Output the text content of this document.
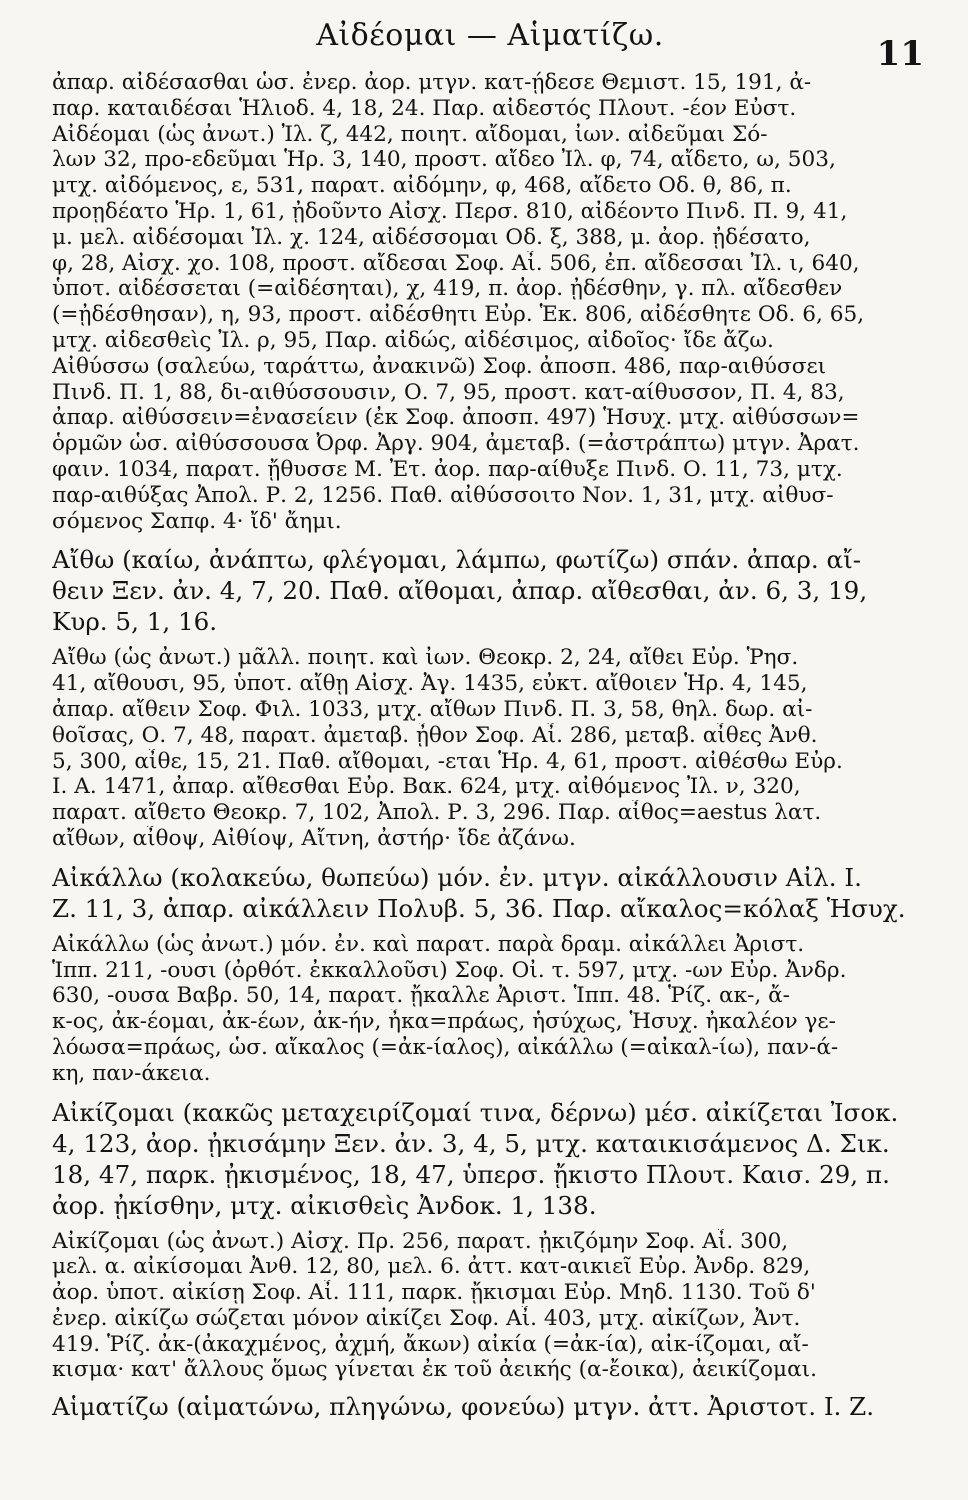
Αἰδέομαι — Αἱματίζω.	11
ἀπαρ. αἰδέσασθαι ὡσ. ἐνερ. ἀορ. μτγν. κατ-ῄδεσε Θεμιστ. 15, 191, ἀ-
παρ. καταιδέσαι Ἡλιοδ. 4, 18, 24. Παρ. αἰδεστός Πλουτ. -έον Εὐστ.
Αἰδέομαι (ὡς ἀνωτ.) Ἰλ. ζ, 442, ποιητ. αἴδομαι, ἰων. αἰδεῦμαι Σό-
λων 32, προ-εδεῦμαι Ἡρ. 3, 140, προστ. αἴδεο Ἰλ. φ, 74, αἴδετο, ω, 503,
μτχ. αἰδόμενος, ε, 531, παρατ. αἰδόμην, φ, 468, αἴδετο Οδ. θ, 86, π.
προῃδέατο Ἡρ. 1, 61, ᾐδοῦντο Αἰσχ. Περσ. 810, αἰδέοντο Πινδ. Π. 9, 41,
μ. μελ. αἰδέσομαι Ἰλ. χ. 124, αἰδέσσομαι Οδ. ξ, 388, μ. ἀορ. ᾐδέσατο,
φ, 28, Αἰσχ. χο. 108, προστ. αἴδεσαι Σοφ. Αἶ. 506, ἐπ. αἴδεσσαι Ἰλ. ι, 640,
ὑποτ. αἰδέσσεται (=αἰδέσηται), χ, 419, π. ἀορ. ᾐδέσθην, γ. πλ. αἴδεσθεν
(=ᾐδέσθησαν), η, 93, προστ. αἰδέσθητι Εὐρ. Ἑκ. 806, αἰδέσθητε Οδ. 6, 65,
μτχ. αἰδεσθεὶς Ἰλ. ρ, 95, Παρ. αἰδώς, αἰδέσιμος, αἰδοῖος· ἴδε ἄζω.
Αἰθύσσω (σαλεύω, ταράττω, ἀνακινῶ) Σοφ. ἀποσπ. 486, παρ-αιθύσσει
Πινδ. Π. 1, 88, δι-αιθύσσουσιν, Ο. 7, 95, προστ. κατ-αίθυσσον, Π. 4, 83,
ἀπαρ. αἰθύσσειν=ἐνασείειν (ἐκ Σοφ. ἀποσπ. 497) Ἡσυχ. μτχ. αἰθύσσων=
ὁρμῶν ὡσ. αἰθύσσουσα Ὀρφ. Ἀργ. 904, ἀμεταβ. (=ἀστράπτω) μτγν. Ἀρατ.
φαιν. 1034, παρατ. ᾔθυσσε Μ. Ἐτ. ἀορ. παρ-αίθυξε Πινδ. Ο. 11, 73, μτχ.
παρ-αιθύξας Ἀπολ. Ρ. 2, 1256. Παθ. αἰθύσσοιτο Νον. 1, 31, μτχ. αἰθυσ-
σόμενος Σαπφ. 4· ἴδ' ἄημι.
Αἴθω (καίω, ἀνάπτω, φλέγομαι, λάμπω, φωτίζω) σπάν. ἀπαρ. αἴ-
θειν Ξεν. ἀν. 4, 7, 20. Παθ. αἴθομαι, ἀπαρ. αἴθεσθαι, ἀν. 6, 3, 19,
Κυρ. 5, 1, 16.
Αἴθω (ὡς ἀνωτ.) μᾶλλ. ποιητ. καὶ ἰων. Θεοκρ. 2, 24, αἴθει Εὐρ. Ῥησ.
41, αἴθουσι, 95, ὑποτ. αἴθῃ Αἰσχ. Ἀγ. 1435, εὐκτ. αἴθοιεν Ἡρ. 4, 145,
ἀπαρ. αἴθειν Σοφ. Φιλ. 1033, μτχ. αἴθων Πινδ. Π. 3, 58, θηλ. δωρ. αἰ-
θοῖσας, Ο. 7, 48, παρατ. ἀμεταβ. ᾖθον Σοφ. Αἶ. 286, μεταβ. αἶθες Ἀνθ.
5, 300, αἶθε, 15, 21. Παθ. αἴθομαι, -εται Ἡρ. 4, 61, προστ. αἰθέσθω Εὐρ.
Ι. Α. 1471, ἀπαρ. αἴθεσθαι Εὐρ. Βακ. 624, μτχ. αἰθόμενος Ἰλ. ν, 320,
παρατ. αἴθετο Θεοκρ. 7, 102, Ἀπολ. Ρ. 3, 296. Παρ. αἶθος=aestus λατ.
αἴθων, αἶθοψ, Αἰθίοψ, Αἴτνη, ἀστήρ· ἴδε ἀζάνω.
Αἰκάλλω (κολακεύω, θωπεύω) μόν. ἐν. μτγν. αἰκάλλουσιν Αἰλ. Ι.
Ζ. 11, 3, ἀπαρ. αἰκάλλειν Πολυβ. 5, 36. Παρ. αἴκαλος=κόλαξ Ἡσυχ.
Αἰκάλλω (ὡς ἀνωτ.) μόν. ἐν. καὶ παρατ. παρὰ δραμ. αἰκάλλει Ἀριστ.
Ἱππ. 211, -ουσι (ὀρθότ. ἐκκαλλοῦσι) Σοφ. Οἰ. τ. 597, μτχ. -ων Εὐρ. Ἀνδρ.
630, -ουσα Βαβρ. 50, 14, παρατ. ᾔκαλλε Ἀριστ. Ἱππ. 48. Ῥίζ. ακ-, ἄ-
κ-ος, ἀκ-έομαι, ἀκ-έων, ἀκ-ήν, ἦκα=πράως, ἡσύχως, Ἡσυχ. ἠκαλέον γε-
λόωσα=πράως, ὡσ. αἴκαλος (=ἀκ-ίαλος), αἰκάλλω (=αἰκαλ-ίω), παν-ά-
κη, παν-άκεια.
Αἰκίζομαι (κακῶς μεταχειρίζομαί τινα, δέρνω) μέσ. αἰκίζεται Ἰσοκ.
4, 123, ἀορ. ᾐκισάμην Ξεν. ἀν. 3, 4, 5, μτχ. καταικισάμενος Δ. Σικ.
18, 47, παρκ. ᾐκισμένος, 18, 47, ὑπερσ. ᾔκιστο Πλουτ. Καισ. 29, π.
ἀορ. ᾐκίσθην, μτχ. αἰκισθεὶς Ἀνδοκ. 1, 138.
Αἰκίζομαι (ὡς ἀνωτ.) Αἰσχ. Πρ. 256, παρατ. ᾐκιζόμην Σοφ. Αἶ. 300,
μελ. α. αἰκίσομαι Ἀνθ. 12, 80, μελ. 6. ἀττ. κατ-αικιεῖ Εὐρ. Ἀνδρ. 829,
ἀορ. ὑποτ. αἰκίσῃ Σοφ. Αἶ. 111, παρκ. ᾔκισμαι Εὐρ. Μηδ. 1130. Τοῦ δ'
ἐνερ. αἰκίζω σώζεται μόνον αἰκίζει Σοφ. Αἶ. 403, μτχ. αἰκίζων, Ἀντ.
419. Ῥίζ. ἀκ-(ἀκαχμένος, ἀχμή, ἄκων) αἰκία (=ἀκ-ία), αἰκ-ίζομαι, αἴ-
κισμα· κατ' ἄλλους ὅμως γίνεται ἐκ τοῦ ἀεικής (α-ἔοικα), ἀεικίζομαι.
Αἱματίζω (αἱματώνω, πληγώνω, φονεύω) μτγν. ἀττ. Ἀριστοτ. Ι. Ζ.
